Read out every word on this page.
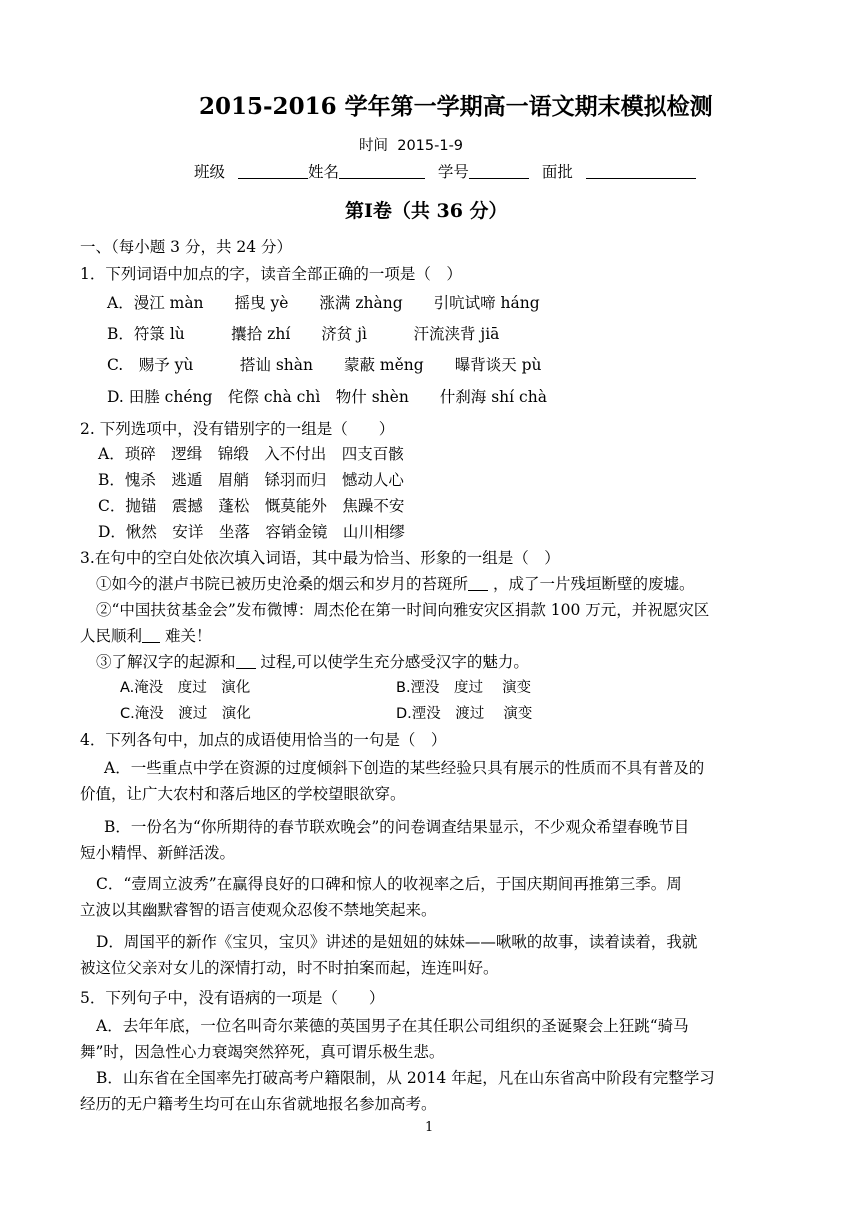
2015-2016 学年第一学期高一语文期末模拟检测
时间 2015-1-9
班级	姓名	学号	面批
第Ⅰ卷（共 36 分）
一、（每小题 3 分，共 24 分）
1．下列词语中加点的字，读音全部正确的一项是（　）
A．漫江 màn　　摇曳 yè　　涨满 zhàng　　引吭试啼 háng
B．符箓 lù　　　攮拾 zhí　　济贫 jì　　　汗流浃背 jiā
C.　赐予 yù　　　搭讪 shàn　　蒙蔽 měng　　曝背谈天 pù
D. 田塍 chéng　侘傺 chà chì　物什 shèn　　什刹海 shí chà
2. 下列选项中，没有错别字的一组是（　　）
A．琐碎　逻缉　锦缎　入不付出　四支百骸
B．愧杀　逃遁　眉艄　铩羽而归　憾动人心
C．抛锚　震撼　蓬松　慨莫能外　焦躁不安
D．愀然　安详　坐落　容销金镜　山川相缪
3.在句中的空白处依次填入词语，其中最为恰当、形象的一组是（　）
①如今的湛卢书院已被历史沧桑的烟云和岁月的苔斑所 ，成了一片残垣断壁的废墟。
②“中国扶贫基金会”发布微博：周杰伦在第一时间向雅安灾区捐款 100 万元，并祝愿灾区
人民顺利 难关！
③了解汉字的起源和 过程,可以使学生充分感受汉字的魅力。
A.淹没　度过　演化	B.湮没　度过　 演变
C.淹没　渡过　演化	D.湮没　渡过　 演变
4．下列各句中，加点的成语使用恰当的一句是（　）
A．一些重点中学在资源的过度倾斜下创造的某些经验只具有展示的性质而不具有普及的
价值，让广大农村和落后地区的学校望眼欲穿。
B．一份名为“你所期待的春节联欢晚会”的问卷调查结果显示，不少观众希望春晚节目
短小精悍、新鲜活泼。
C．“壹周立波秀”在赢得良好的口碑和惊人的收视率之后，于国庆期间再推第三季。周
立波以其幽默睿智的语言使观众忍俊不禁地笑起来。
D．周国平的新作《宝贝，宝贝》讲述的是妞妞的妹妹——啾啾的故事，读着读着，我就
被这位父亲对女儿的深情打动，时不时拍案而起，连连叫好。
5．下列句子中，没有语病的一项是（　　）
A．去年年底，一位名叫奇尔莱德的英国男子在其任职公司组织的圣诞聚会上狂跳“骑马
舞”时，因急性心力衰竭突然猝死，真可谓乐极生悲。
B．山东省在全国率先打破高考户籍限制，从 2014 年起，凡在山东省高中阶段有完整学习
经历的无户籍考生均可在山东省就地报名参加高考。
1
